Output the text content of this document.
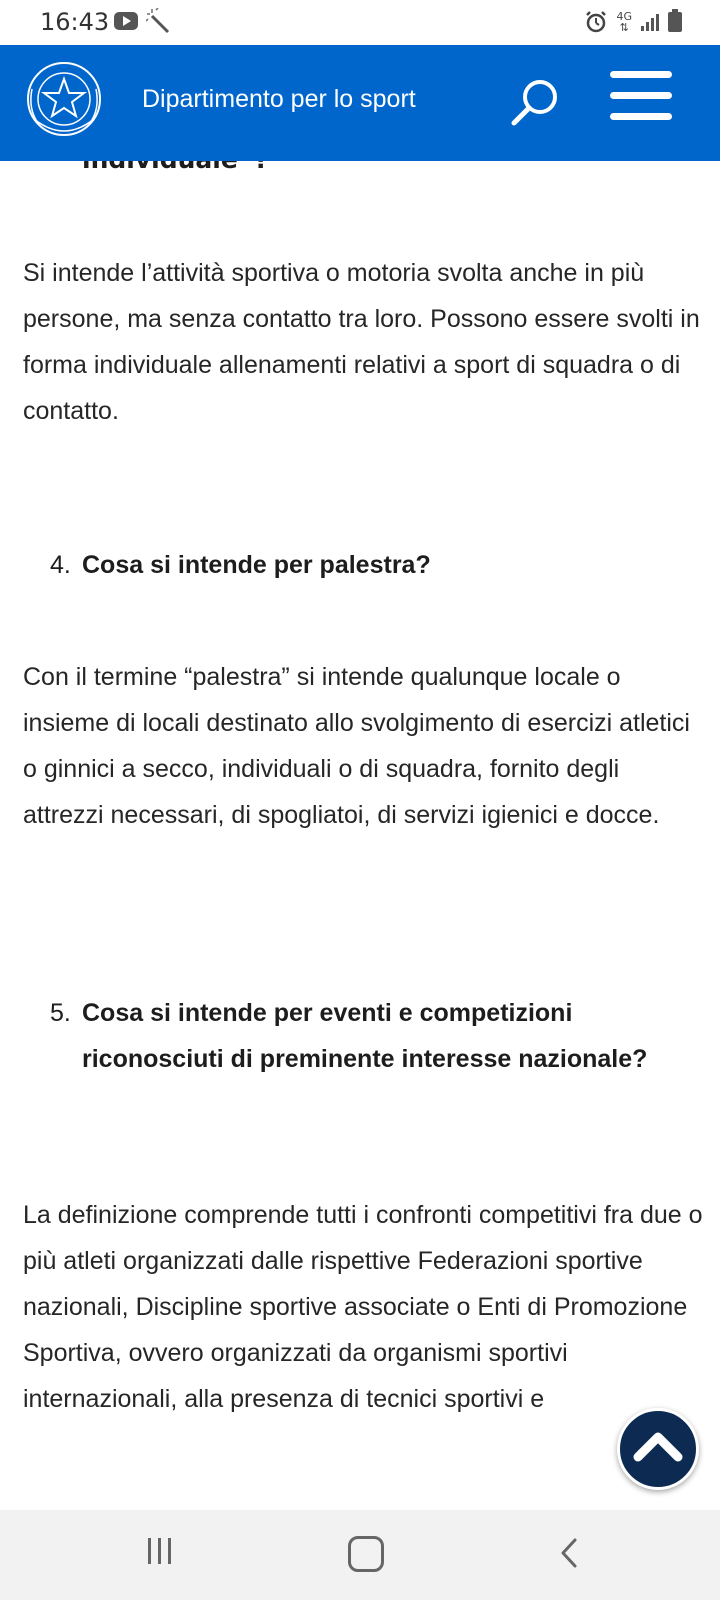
Si intende l’attività sportiva o motoria svolta anche in più persone, ma senza contatto tra loro. Possono essere svolti in forma individuale allenamenti relativi a sport di squadra o di contatto.

4. Cosa si intende per palestra?

Con il termine “palestra” si intende qualunque locale o insieme di locali destinato allo svolgimento di esercizi atletici o ginnici a secco, individuali o di squadra, fornito degli attrezzi necessari, di spogliatoi, di servizi igienici e docce.

5. Cosa si intende per eventi e competizioni riconosciuti di preminente interesse nazionale?

La definizione comprende tutti i confronti competitivi fra due o più atleti organizzati dalle rispettive Federazioni sportive nazionali, Discipline sportive associate o Enti di Promozione Sportiva, ovvero organizzati da organismi sportivi internazionali, alla presenza di tecnici sportivi e

16:43	4G
⇅
Dipartimento per lo sport
